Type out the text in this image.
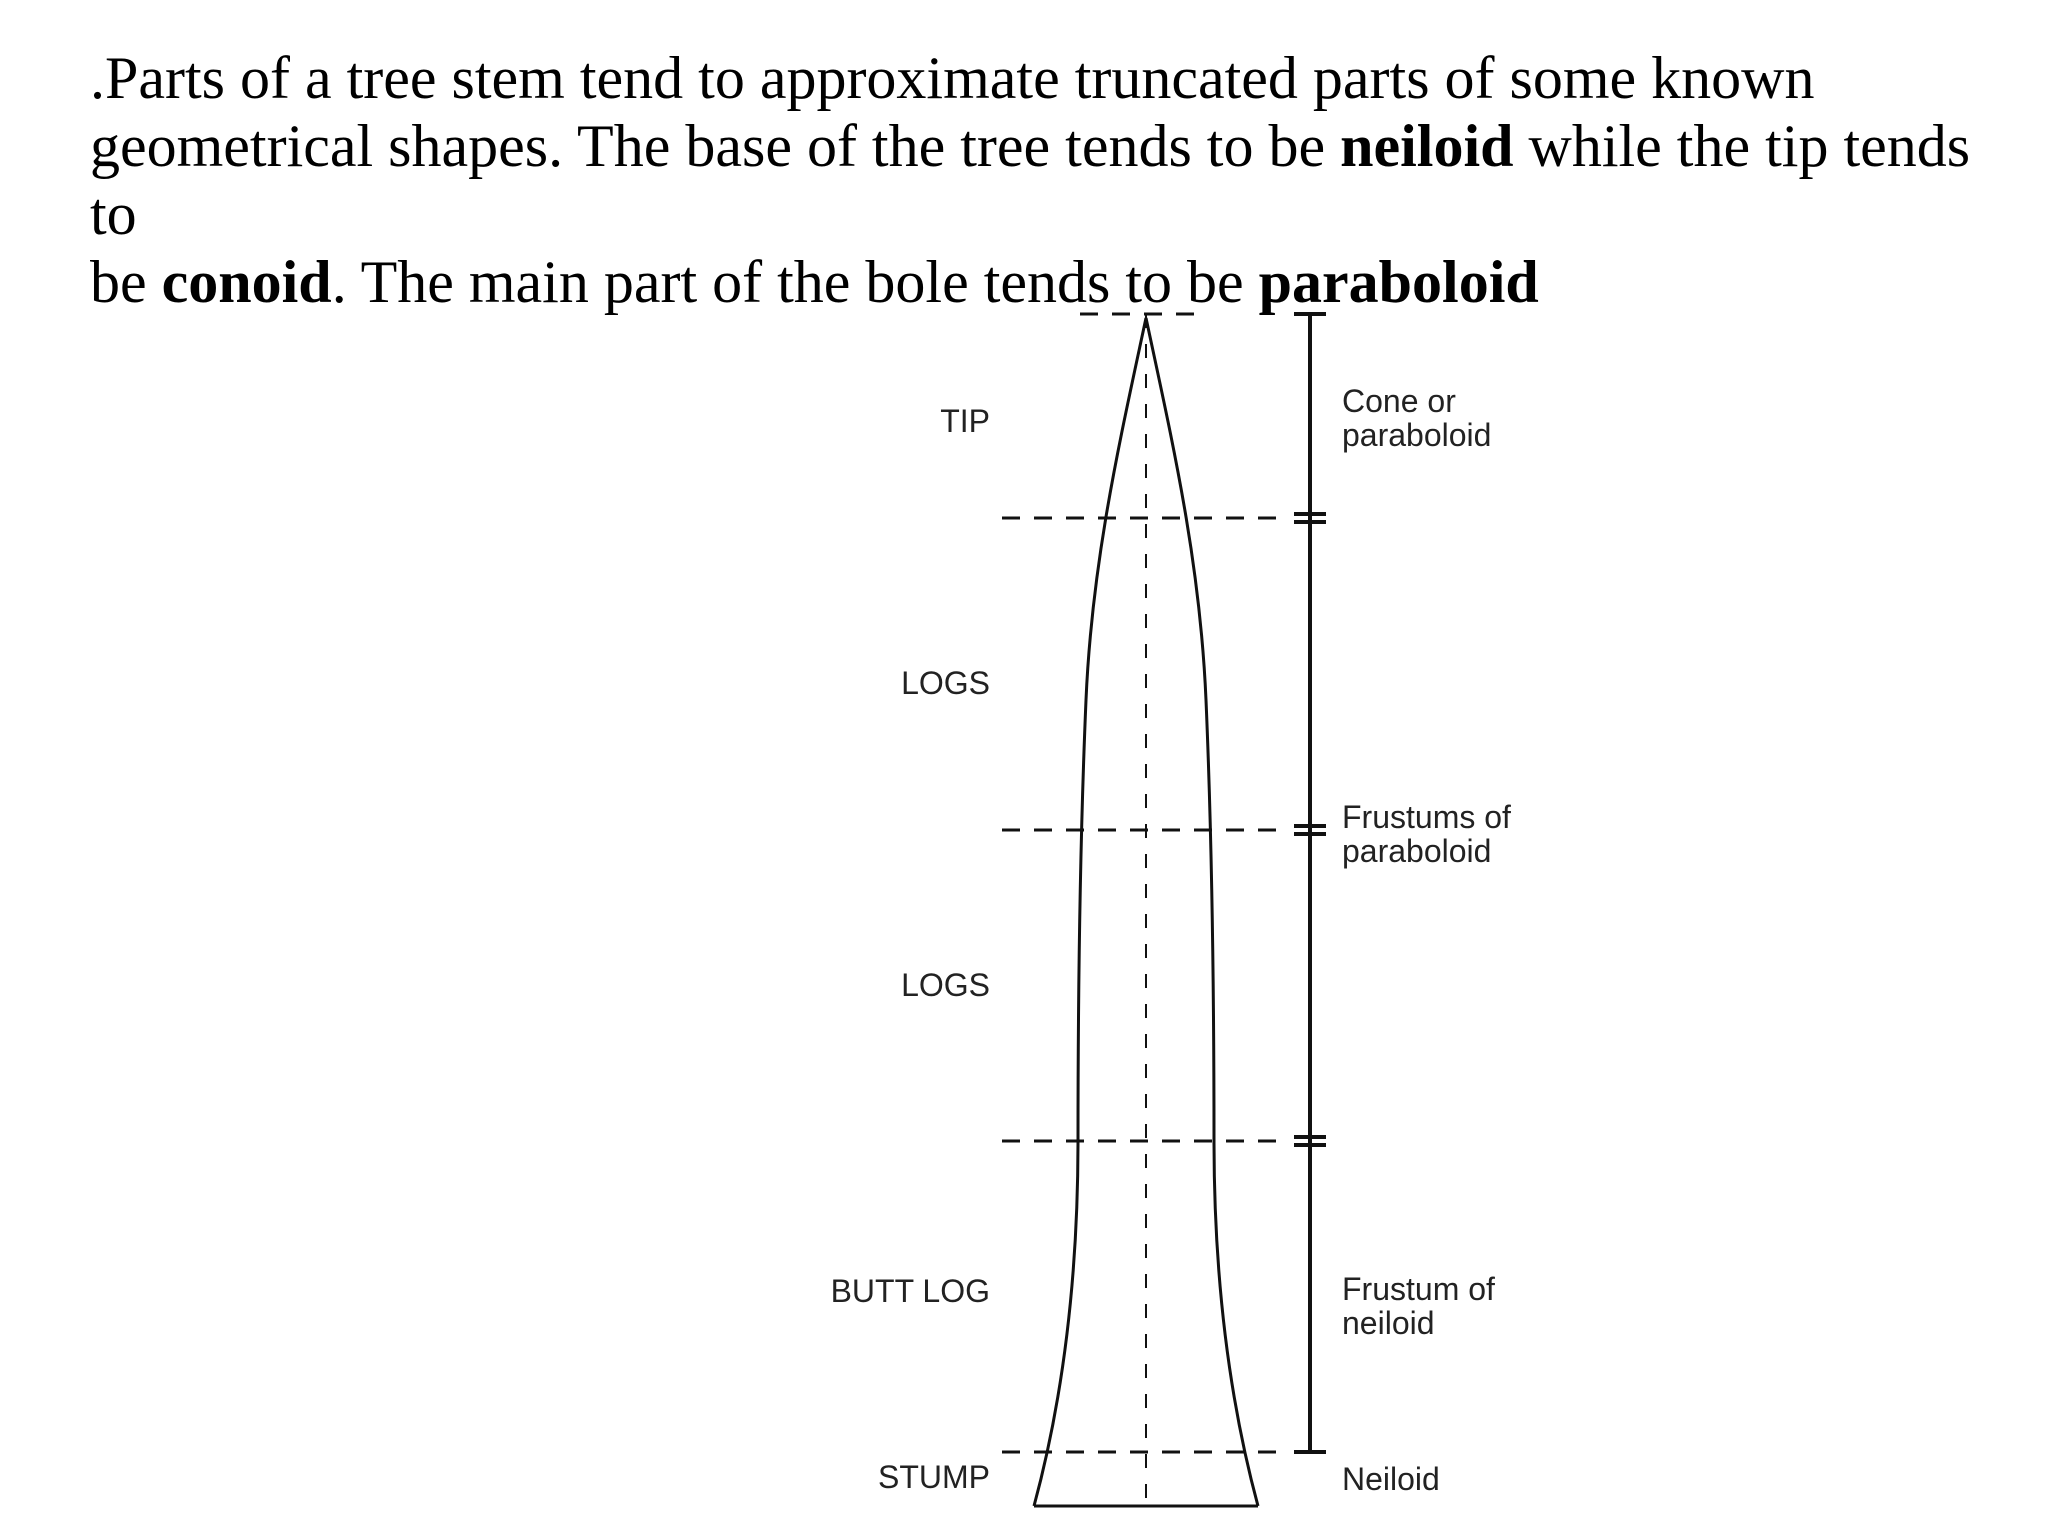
.Parts of a tree stem tend to approximate truncated parts of some known
geometrical shapes. The base of the tree tends to be neiloid while the tip tends to
be conoid. The main part of the bole tends to be paraboloid

TIP
LOGS
LOGS
BUTT LOG
STUMP
Cone or
paraboloid
Frustums of
paraboloid
Frustum of
neiloid
Neiloid
